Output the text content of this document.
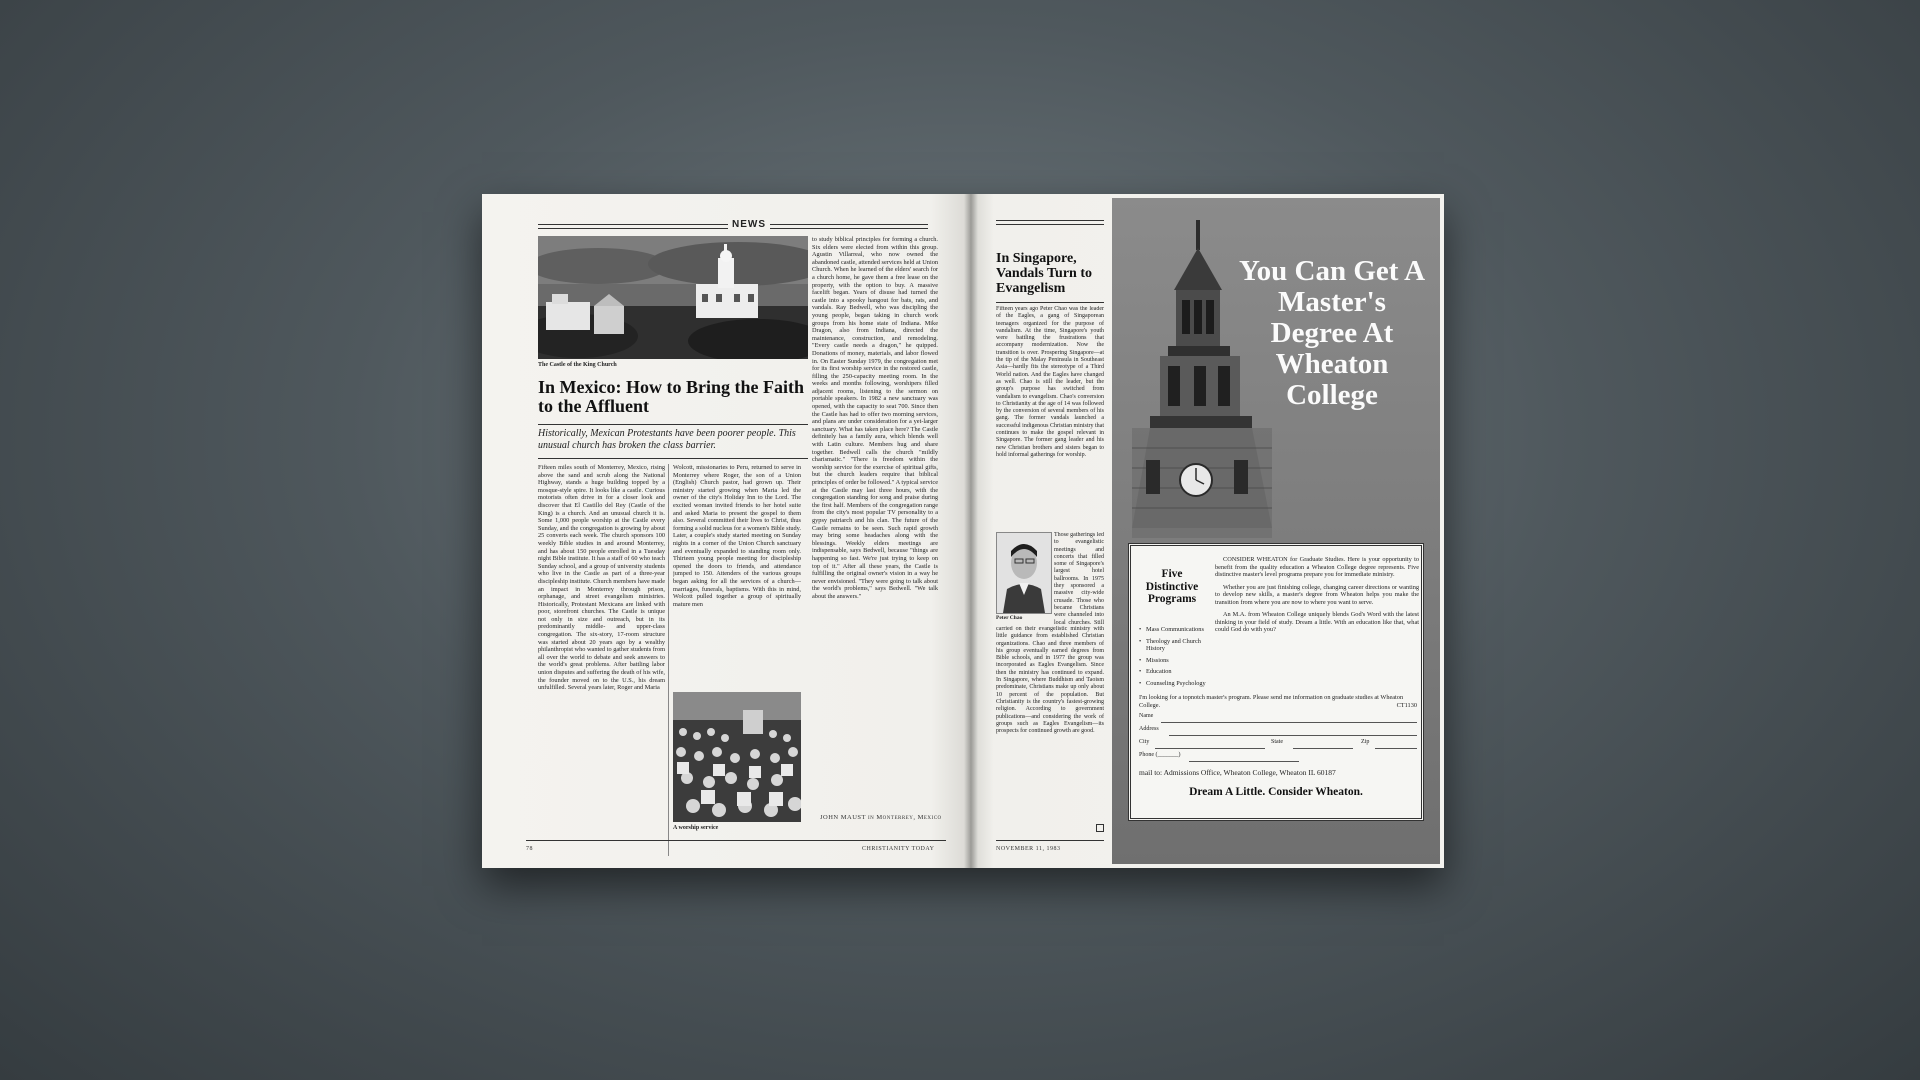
NEWS
The Castle of the King Church
In Mexico: How to Bring the Faith to the Affluent

Historically, Mexican Protestants have been poorer people. This unusual church has broken the class barrier.

Fifteen miles south of Monterrey, Mexico, rising above the sand and scrub along the National Highway, stands a huge building topped by a mosque-style spire. It looks like a castle. Curious motorists often drive in for a closer look and discover that El Castillo del Rey (Castle of the King) is a church. And an unusual church it is. Some 1,000 people worship at the Castle every Sunday, and the congregation is growing by about 25 converts each week. The church sponsors 100 weekly Bible studies in and around Monterrey, and has about 150 people enrolled in a Tuesday night Bible institute. It has a staff of 60 who teach Sunday school, and a group of university students who live in the Castle as part of a three-year discipleship institute. Church members have made an impact in Monterrey through prison, orphanage, and street evangelism ministries. Historically, Protestant Mexicans are linked with poor, storefront churches. The Castle is unique not only in size and outreach, but in its predominantly middle- and upper-class congregation. The six-story, 17-room structure was started about 20 years ago by a wealthy philanthropist who wanted to gather students from all over the world to debate and seek answers to the world's great problems. After battling labor union disputes and suffering the death of his wife, the founder moved on to the U.S., his dream unfulfilled. Several years later, Roger and Maria

Wolcott, missionaries to Peru, returned to serve in Monterrey where Roger, the son of a Union (English) Church pastor, had grown up. Their ministry started growing when Maria led the owner of the city's Holiday Inn to the Lord. The excited woman invited friends to her hotel suite and asked Maria to present the gospel to them also. Several committed their lives to Christ, thus forming a solid nucleus for a women's Bible study. Later, a couple's study started meeting on Sunday nights in a corner of the Union Church sanctuary and eventually expanded to standing room only. Thirteen young people meeting for discipleship opened the doors to friends, and attendance jumped to 150. Attenders of the various groups began asking for all the services of a church—marriages, funerals, baptisms. With this in mind, Wolcott pulled together a group of spiritually mature men

A worship service

to study biblical principles for forming a church. Six elders were elected from within this group. Agustin Villarreal, who now owned the abandoned castle, attended services held at Union Church. When he learned of the elders' search for a church home, he gave them a free lease on the property, with the option to buy. A massive facelift began. Years of disuse had turned the castle into a spooky hangout for bats, rats, and vandals. Ray Bedwell, who was discipling the young people, began taking in church work groups from his home state of Indiana. Mike Dragon, also from Indiana, directed the maintenance, construction, and remodeling. "Every castle needs a dragon," he quipped. Donations of money, materials, and labor flowed in. On Easter Sunday 1979, the congregation met for its first worship service in the restored castle, filling the 250-capacity meeting room. In the weeks and months following, worshipers filled adjacent rooms, listening to the sermon on portable speakers. In 1982 a new sanctuary was opened, with the capacity to seat 700. Since then the Castle has had to offer two morning services, and plans are under consideration for a yet-larger sanctuary. What has taken place here? The Castle definitely has a family aura, which blends well with Latin culture. Members hug and share together. Bedwell calls the church "mildly charismatic." "There is freedom within the worship service for the exercise of spiritual gifts, but the church leaders require that biblical principles of order be followed." A typical service at the Castle may last three hours, with the congregation standing for song and praise during the first half. Members of the congregation range from the city's most popular TV personality to a gypsy patriarch and his clan. The future of the Castle remains to be seen. Such rapid growth may bring some headaches along with the blessings. Weekly elders meetings are indispensable, says Bedwell, because "things are happening so fast. We're just trying to keep on top of it." After all these years, the Castle is fulfilling the original owner's vision in a way he never envisioned. "They were going to talk about the world's problems," says Bedwell. "We talk about the answers."

JOHN MAUST in Monterrey, Mexico
78	CHRISTIANITY TODAY
In Singapore, Vandals Turn to Evangelism

Fifteen years ago Peter Chao was the leader of the Eagles, a gang of Singaporean teenagers organized for the purpose of vandalism. At the time, Singapore's youth were battling the frustrations that accompany modernization. Now the transition is over. Prospering Singapore—at the tip of the Malay Peninsula in Southeast Asia—hardly fits the stereotype of a Third World nation. And the Eagles have changed as well. Chao is still the leader, but the group's purpose has switched from vandalism to evangelism. Chao's conversion to Christianity at the age of 14 was followed by the conversion of several members of his gang. The former vandals launched a successful indigenous Christian ministry that continues to make the gospel relevant in Singapore. The former gang leader and his new Christian brothers and sisters began to hold informal gatherings for worship.

Peter Chao

Those gatherings led to evangelistic meetings and concerts that filled some of Singapore's largest hotel ballrooms. In 1975 they sponsored a massive city-wide crusade. Those who became Christians were channeled into local churches. Still

carried on their evangelistic ministry with little guidance from established Christian organizations. Chao and three members of his group eventually earned degrees from Bible schools, and in 1977 the group was incorporated as Eagles Evangelism. Since then the ministry has continued to expand. In Singapore, where Buddhism and Taoism predominate, Christians make up only about 10 percent of the population. But Christianity is the country's fastest-growing religion. According to government publications—and considering the work of groups such as Eagles Evangelism—its prospects for continued growth are good.

NOVEMBER 11, 1983
You Can Get A Master's Degree At Wheaton College
Five Distinctive Programs
• Mass Communications
• Theology and Church History
• Missions
• Education
• Counseling Psychology

CONSIDER WHEATON for Graduate Studies. Here is your opportunity to benefit from the quality education a Wheaton College degree represents. Five distinctive master's level programs prepare you for immediate ministry.

Whether you are just finishing college, changing career directions or wanting to develop new skills, a master's degree from Wheaton helps you make the transition from where you are now to where you want to serve.

An M.A. from Wheaton College uniquely blends God's Word with the latest thinking in your field of study. Dream a little. With an education like that, what could God do with you?

I'm looking for a topnotch master's program. Please send me information on graduate studies at Wheaton College.	CT1130
Name
Address
City	State	Zip
Phone (_______)
mail to: Admissions Office, Wheaton College, Wheaton IL 60187
Dream A Little. Consider Wheaton.
